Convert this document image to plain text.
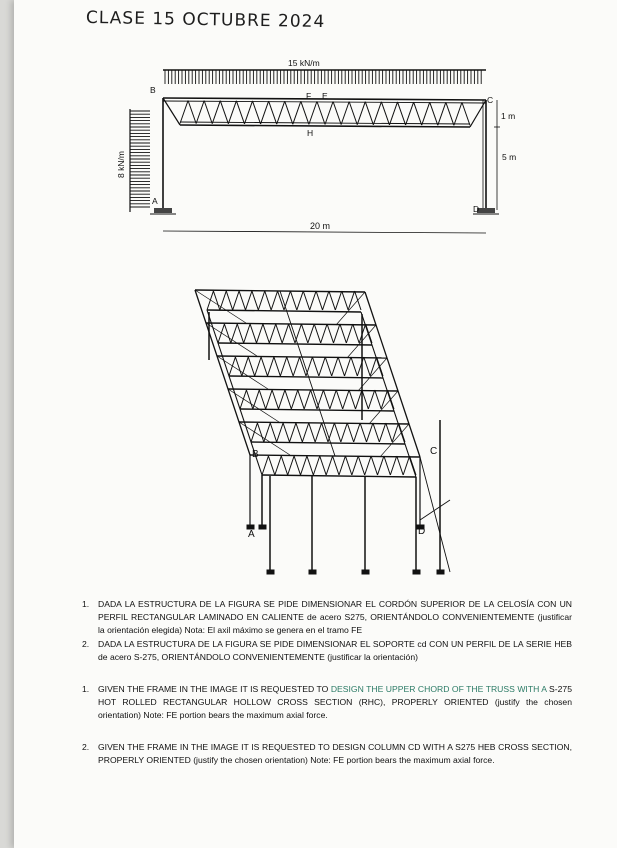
CLASE 15 OCTUBRE 2024
15 kN/m
8 kN/m
B
C
A
D
F E
H
1 m
5 m
20 m
B	C
A	D
1. DADA LA ESTRUCTURA DE LA FIGURA SE PIDE DIMENSIONAR EL CORDÓN SUPERIOR DE LA CELOSÍA CON UN PERFIL RECTANGULAR LAMINADO EN CALIENTE de acero S275, ORIENTÁNDOLO CONVENIENTEMENTE (justificar la orientación elegida) Nota: El axil máximo se genera en el tramo FE
2. DADA LA ESTRUCTURA DE LA FIGURA SE PIDE DIMENSIONAR EL SOPORTE cd CON UN PERFIL DE LA SERIE HEB de acero S-275, ORIENTÁNDOLO CONVENIENTEMENTE (justificar la orientación)
1. GIVEN THE FRAME IN THE IMAGE IT IS REQUESTED TO DESIGN THE UPPER CHORD OF THE TRUSS WITH A S-275 HOT ROLLED RECTANGULAR HOLLOW CROSS SECTION (RHC), PROPERLY ORIENTED (justify the chosen orientation) Note: FE portion bears the maximum axial force.
2. GIVEN THE FRAME IN THE IMAGE IT IS REQUESTED TO DESIGN COLUMN CD WITH A S275 HEB CROSS SECTION, PROPERLY ORIENTED (justify the chosen orientation) Note: FE portion bears the maximum axial force.
